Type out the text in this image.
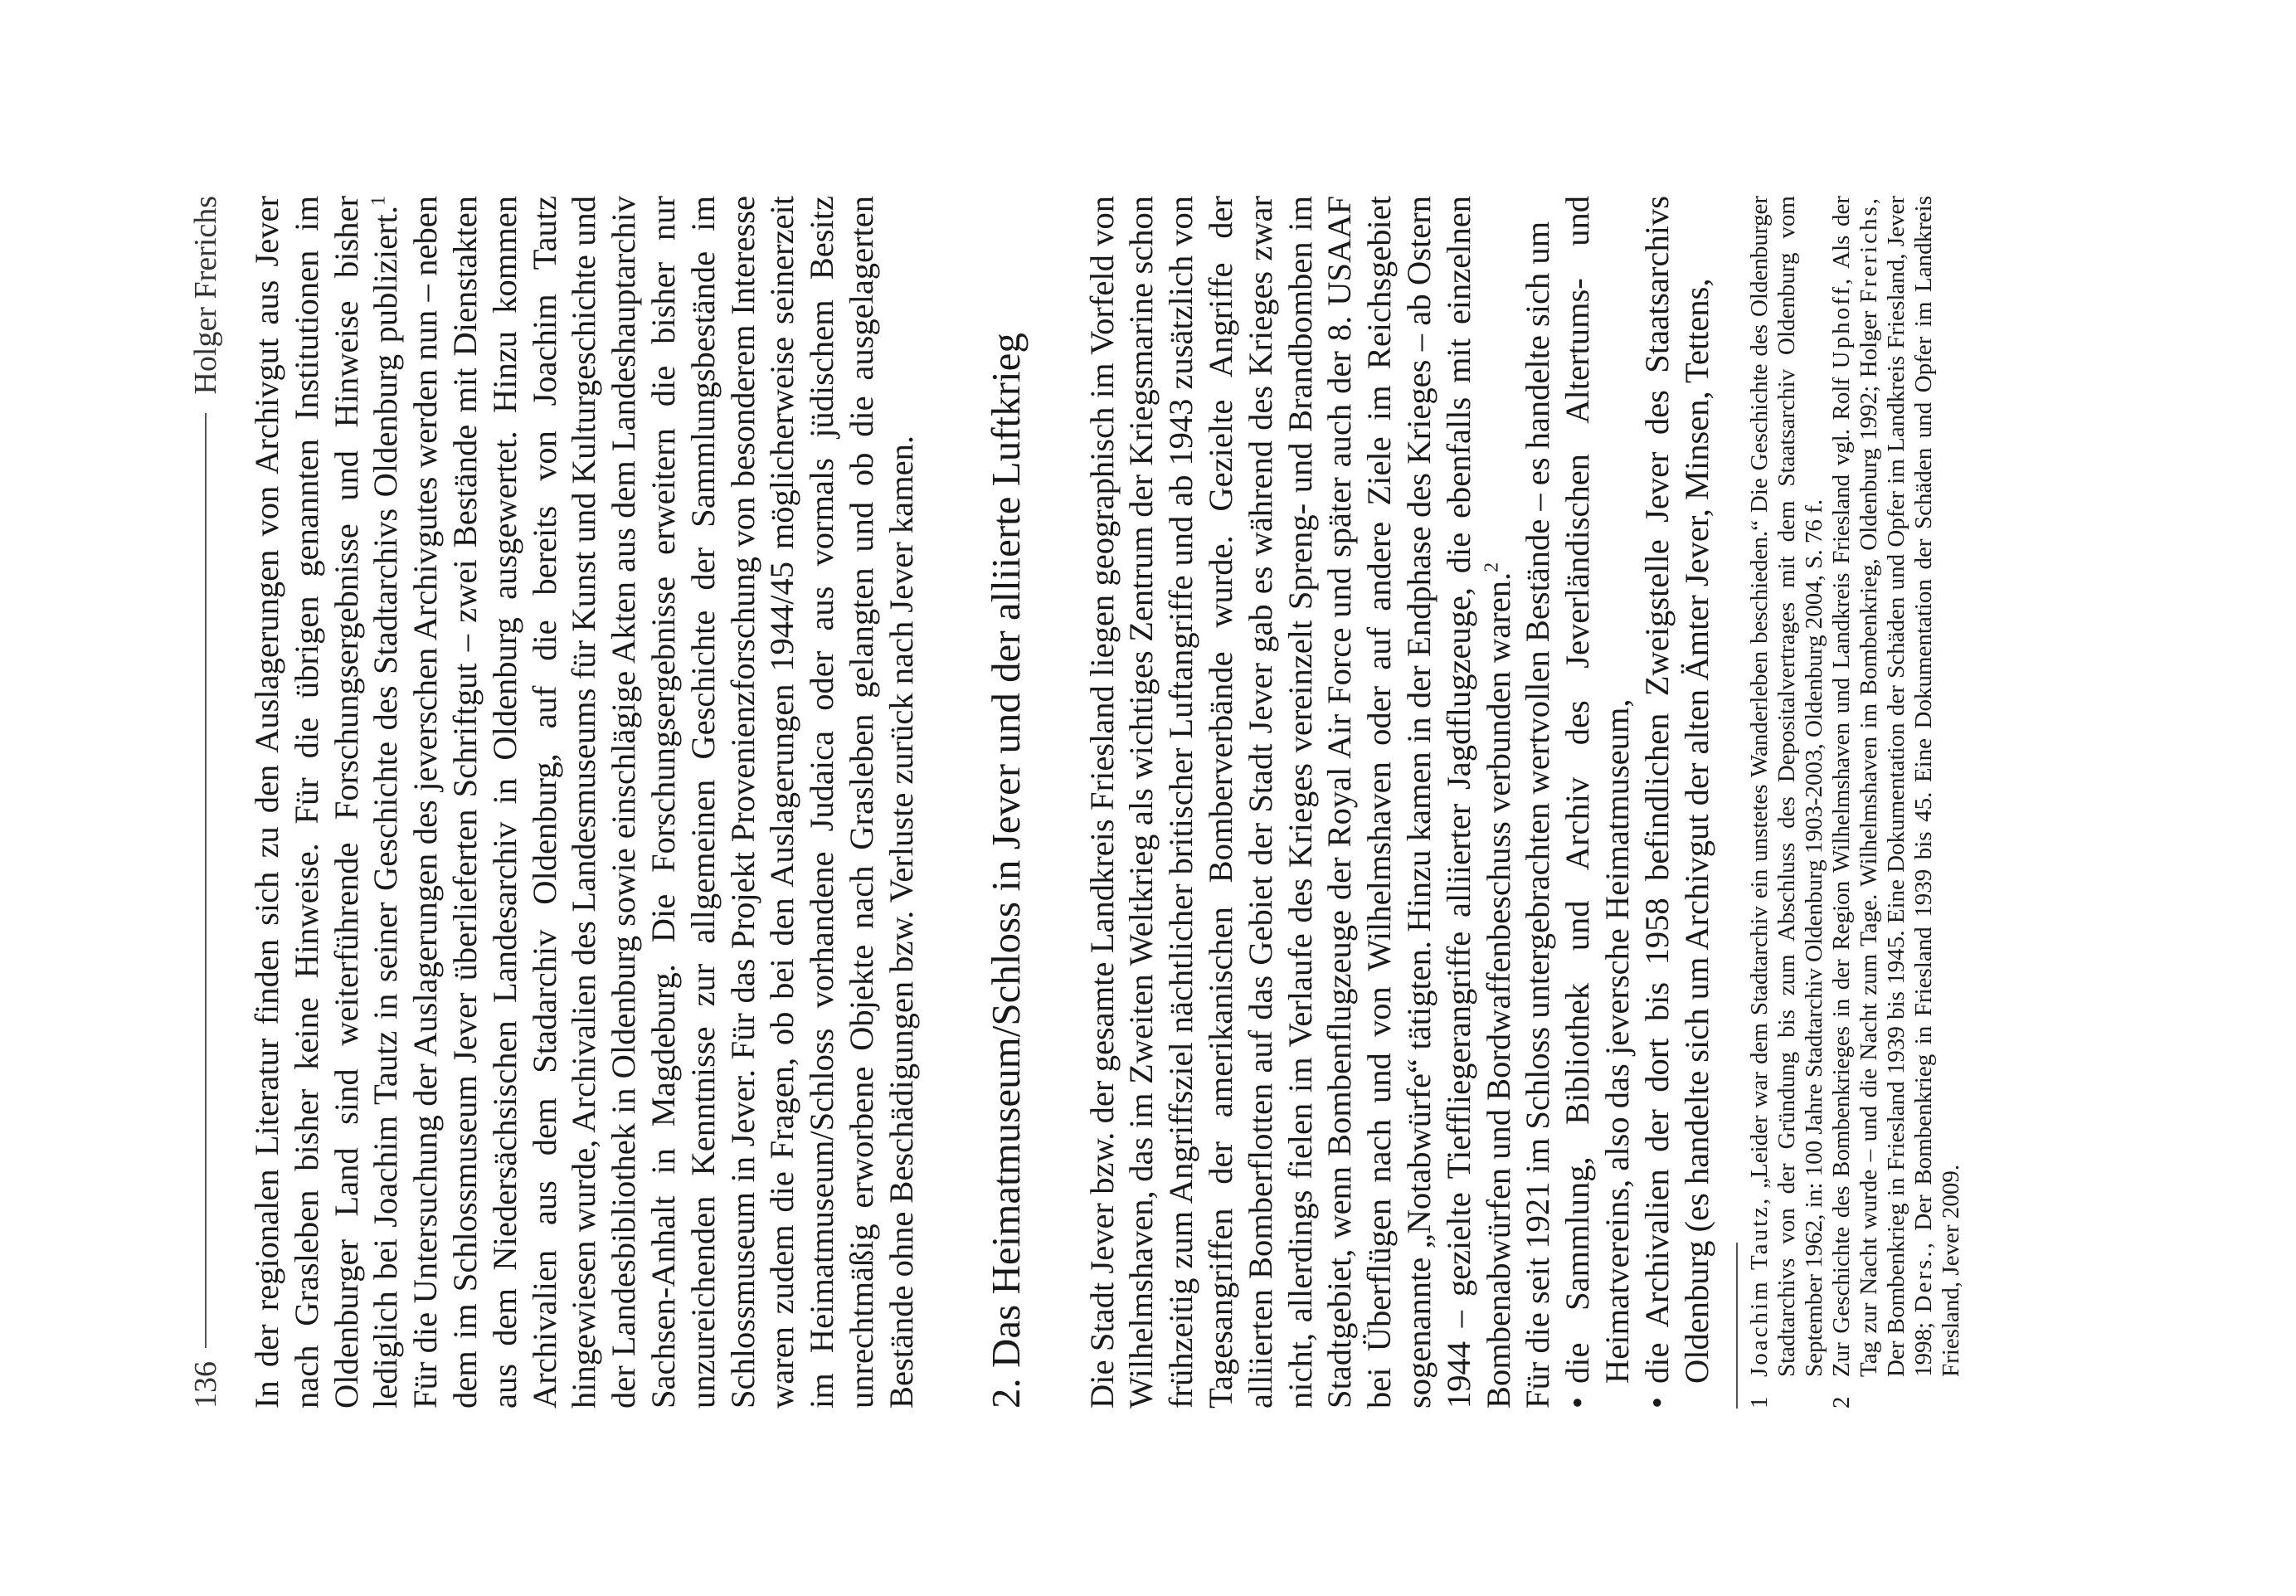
136
Holger Frerichs In der regionalen Literatur finden sich zu den Auslagerungen von Archivgut aus Jever nach Grasleben bisher keine Hinweise. Für die übrigen genannten Institutionen im Oldenburger Land sind weiterführende Forschungsergebnisse und Hinweise bisher lediglich bei Joachim Tautz in seiner Geschichte des Stadtarchivs Oldenburg publiziert.$^1$ Für die Untersuchung der Auslagerungen des jeverschen Archivgutes werden nun – neben dem im Schlossmuseum Jever überlieferten Schriftgut – zwei Bestände mit Dienstakten aus dem Niedersächsischen Landesarchiv in Oldenburg ausgewertet. Hinzu kommen Archivalien aus dem Stadarchiv Oldenburg, auf die bereits von Joachim Tautz hingewiesen wurde, Archivalien des Landesmuseums für Kunst und Kulturgeschichte und der Landesbibliothek in Oldenburg sowie einschlägige Akten aus dem Landeshauptarchiv Sachsen-Anhalt in Magdeburg. Die Forschungsergebnisse erweitern die bisher nur unzureichenden Kenntnisse zur allgemeinen Geschichte der Sammlungsbestände im Schlossmuseum in Jever. Für das Projekt Provenienzforschung von besonderem Interesse waren zudem die Fragen, ob bei den Auslagerungen 1944/45 möglicherweise seinerzeit im Heimatmuseum/Schloss vorhandene Judaica oder aus vormals jüdischem Besitz unrechtmäßig erworbene Objekte nach Grasleben gelangten und ob die ausgelagerten Bestände ohne Beschädigungen bzw. Verluste zurück nach Jever kamen. 2. Das Heimatmuseum/Schloss in Jever und der alliierte Luftkrieg Die Stadt Jever bzw. der gesamte Landkreis Friesland liegen geographisch im Vorfeld von Wilhelmshaven, das im Zweiten Weltkrieg als wichtiges Zentrum der Kriegsmarine schon frühzeitig zum Angriffsziel nächtlicher britischer Luftangriffe und ab 1943 zusätzlich von Tagesangriffen der amerikanischen Bomberverbände wurde. Gezielte Angriffe der alliierten Bomberflotten auf das Gebiet der Stadt Jever gab es während des Krieges zwar nicht, allerdings fielen im Verlaufe des Krieges vereinzelt Spreng- und Brandbomben im Stadtgebiet, wenn Bombenflugzeuge der Royal Air Force und später auch der 8. USAAF bei Überflügen nach und von Wilhelmshaven oder auf andere Ziele im Reichsgebiet sogenannte „Notabwürfe“ tätigten. Hinzu kamen in der Endphase des Krieges – ab Ostern 1944 – gezielte Tieffliegerangriffe alliierter Jagdflugzeuge, die ebenfalls mit einzelnen Bombenabwürfen und Bordwaffenbeschuss verbunden waren.$^2$ Für die seit 1921 im Schloss untergebrachten wertvollen Bestände – es handelte sich um • die Sammlung, Bibliothek und Archiv des Jeverländischen Altertums- und Heimatvereins, also das jeversche Heimatmuseum, • die Archivalien der dort bis 1958 befindlichen Zweigstelle Jever des Staatsarchivs Oldenburg (es handelte sich um Archivgut der alten Ämter Jever, Minsen, Tettens,
1
Joachim Tautz, „Leider war dem Stadtarchiv ein unstetes Wanderleben beschieden.“ Die Geschichte des Oldenburger Stadtarchivs von der Gründung bis zum Abschluss des Depositalvertrages mit dem Staatsarchiv Oldenburg vom September 1962, in: 100 Jahre Stadtarchiv Oldenburg 1903-2003, Oldenburg 2004, S. 76 f.
2
Zur Geschichte des Bombenkrieges in der Region Wilhelmshaven und Landkreis Friesland vgl. Rolf Uphoff, Als der Tag zur Nacht wurde – und die Nacht zum Tage. Wilhelmshaven im Bombenkrieg, Oldenburg 1992; Holger Frerichs, Der Bombenkrieg in Friesland 1939 bis 1945. Eine Dokumentation der Schäden und Opfer im Landkreis Friesland, Jever 1998; Ders., Der Bombenkrieg in Friesland 1939 bis 45. Eine Dokumentation der Schäden und Opfer im Landkreis Friesland, Jever 2009.
